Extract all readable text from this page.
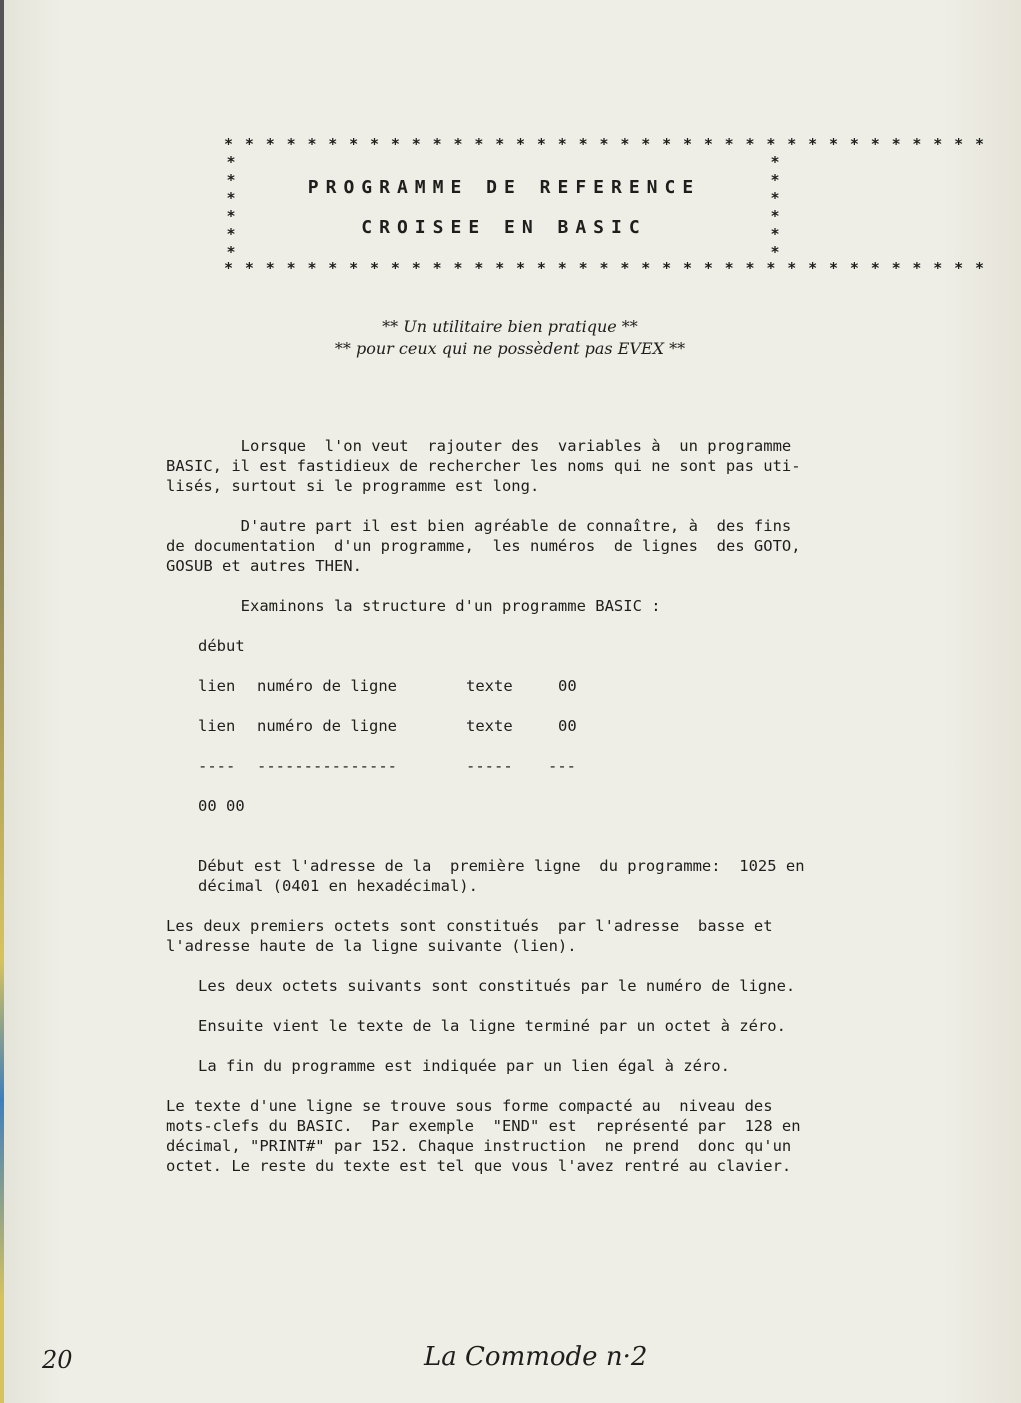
* * * * * * * * * * * * * * * * * * * * * * * * * * * * * * * * * * * * *
*
*
*
*
*
*
*
*
*
*
*
*
PROGRAMME DE REFERENCE
CROISEE EN BASIC
* * * * * * * * * * * * * * * * * * * * * * * * * * * * * * * * * * * * *
** Un utilitaire bien pratique **
** pour ceux qui ne possèdent pas EVEX **
Lorsque  l'on veut  rajouter des  variables à  un programme
BASIC, il est fastidieux de rechercher les noms qui ne sont pas uti-
lisés, surtout si le programme est long.
D'autre part il est bien agréable de connaître, à  des fins
de documentation  d'un programme,  les numéros  de lignes  des GOTO,
GOSUB et autres THEN.
Examinons la structure d'un programme BASIC :
début
lien numéro de ligne	texte	00
lien numéro de ligne	texte	00
---- ---------------	----- ---
00 00
Début est l'adresse de la  première ligne  du programme:  1025 en
décimal (0401 en hexadécimal).
Les deux premiers octets sont constitués  par l'adresse  basse et
l'adresse haute de la ligne suivante (lien).
Les deux octets suivants sont constitués par le numéro de ligne.
Ensuite vient le texte de la ligne terminé par un octet à zéro.
La fin du programme est indiquée par un lien égal à zéro.
Le texte d'une ligne se trouve sous forme compacté au  niveau des
mots-clefs du BASIC.  Par exemple  "END" est  représenté par  128 en
décimal, "PRINT#" par 152. Chaque instruction  ne prend  donc qu'un
octet. Le reste du texte est tel que vous l'avez rentré au clavier.
20	La Commode n·2
